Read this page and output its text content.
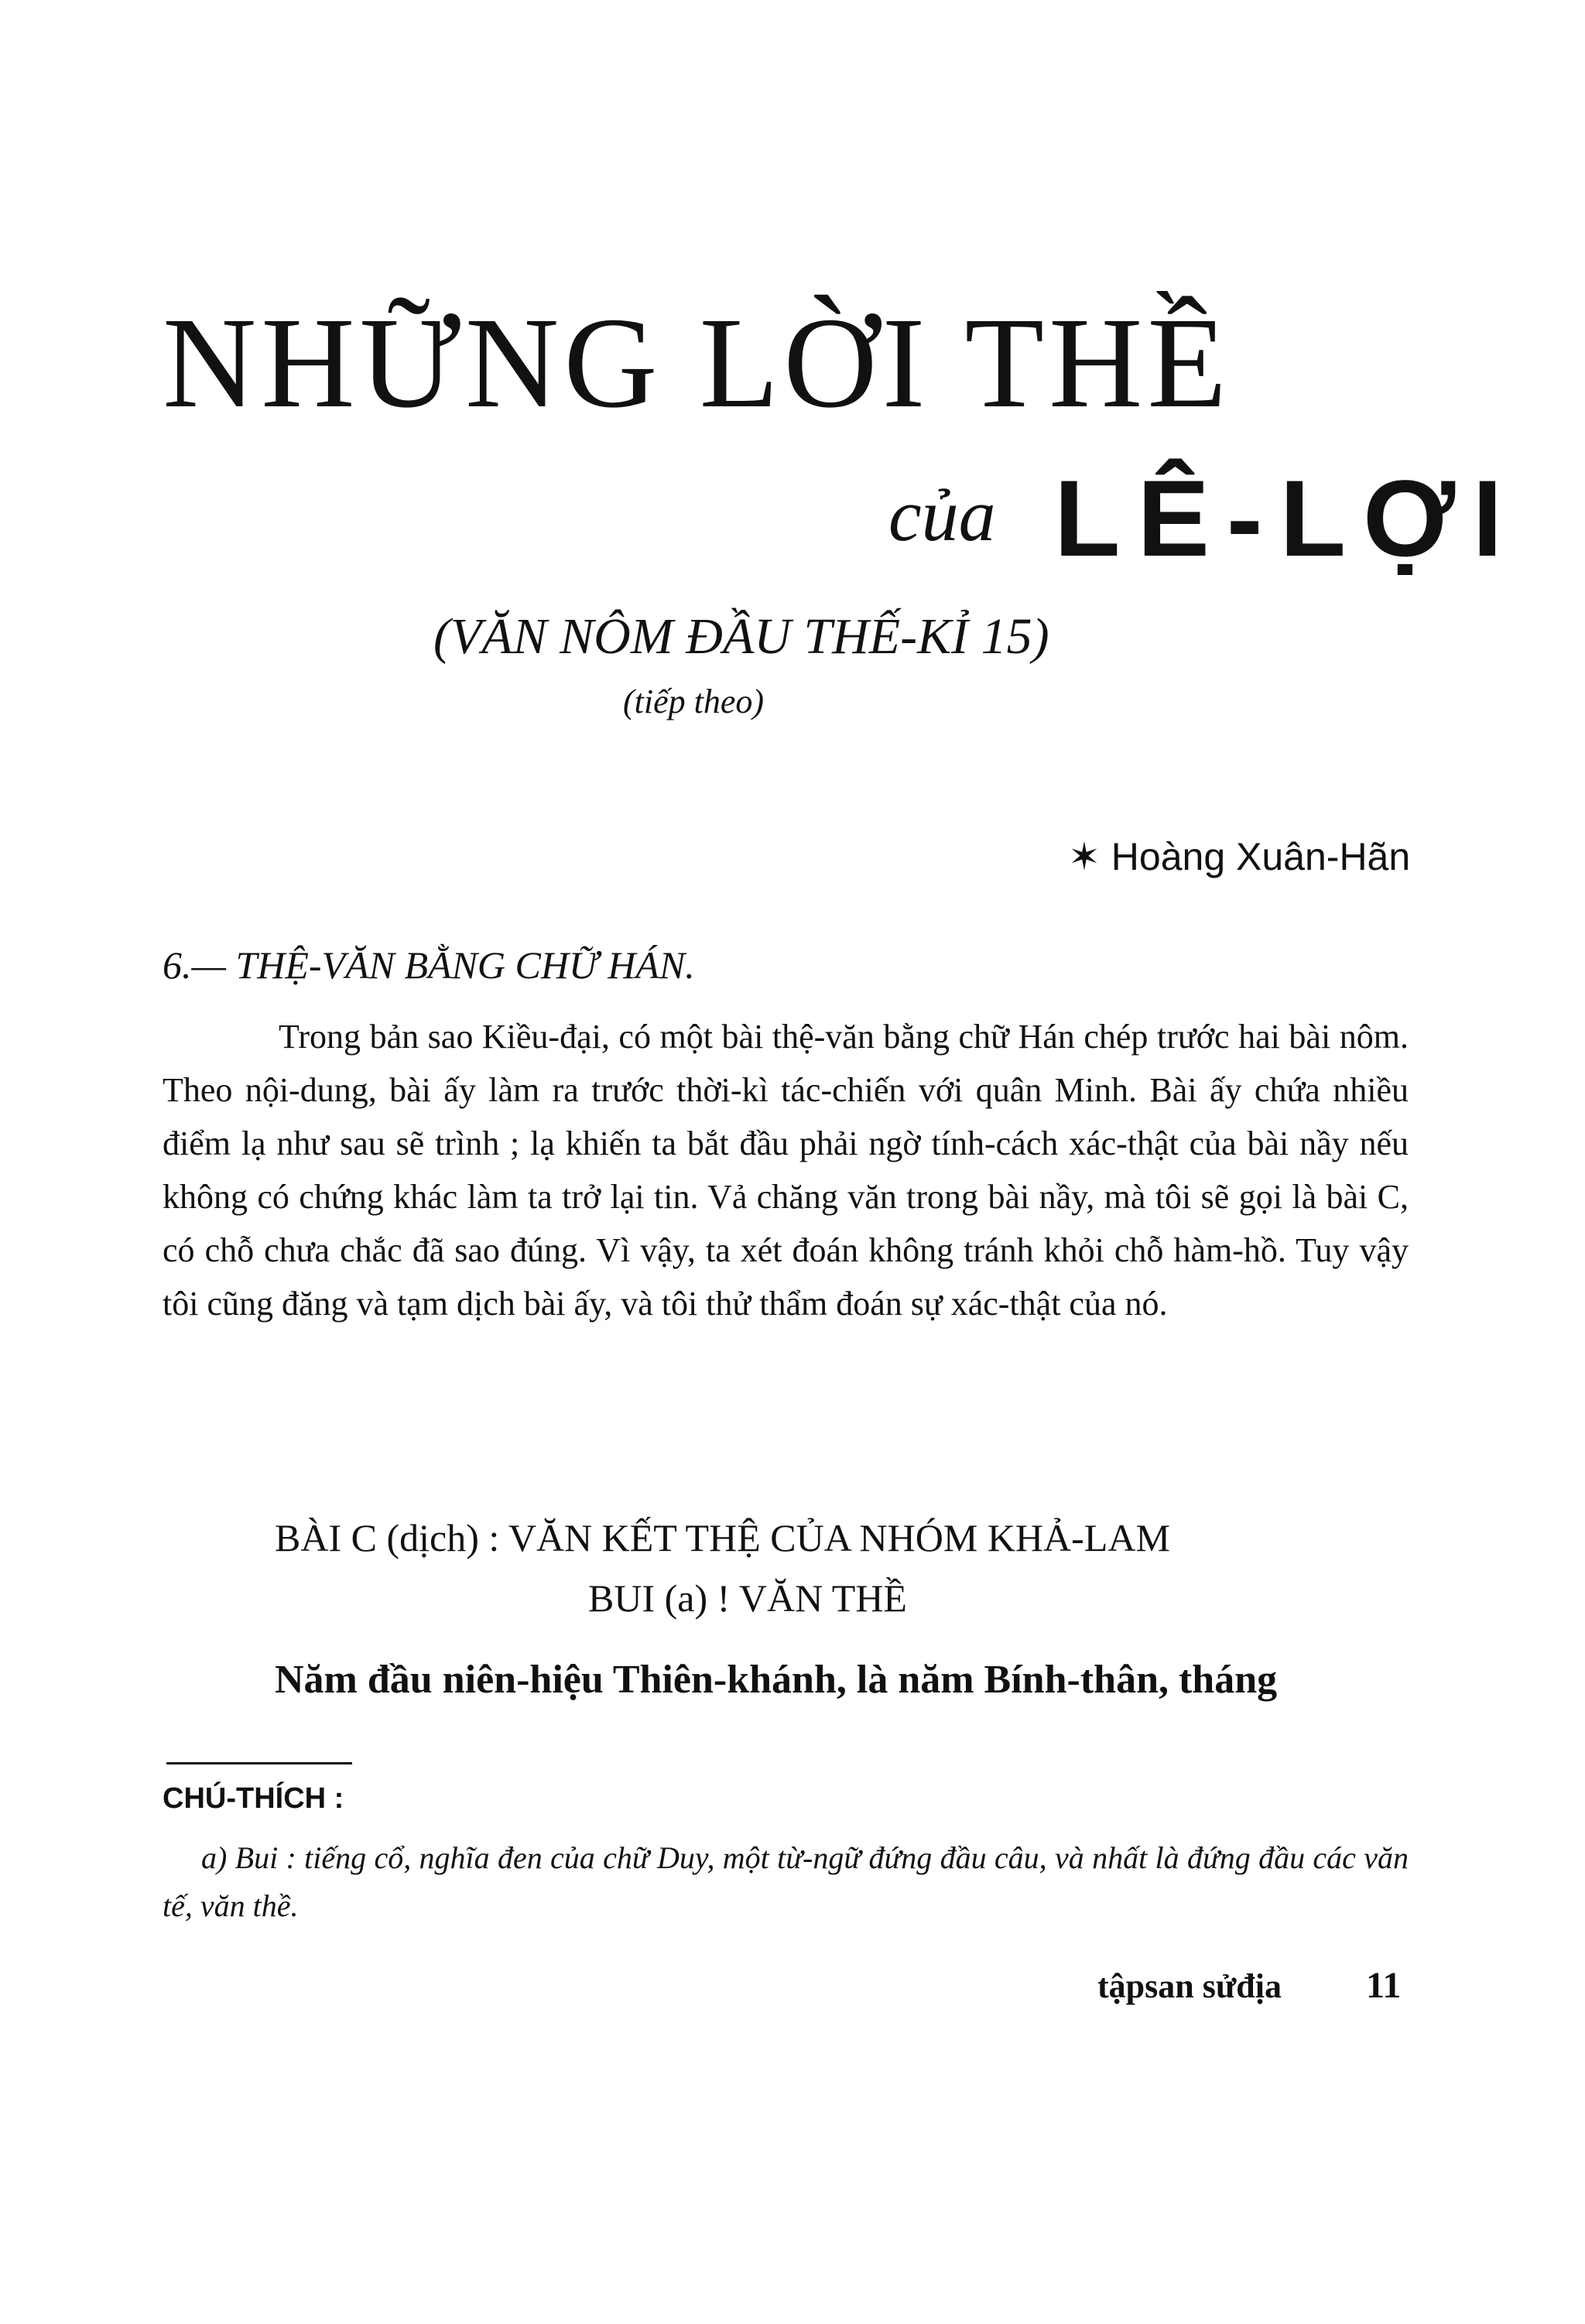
NHỮNG LỜI THỀ
của LÊ-LỢI
(VĂN NÔM ĐẦU THẾ-KỈ 15)
(tiếp theo)
✶ Hoàng Xuân-Hãn
6.— THỆ-VĂN BẰNG CHỮ HÁN.

Trong bản sao Kiều-đại, có một bài thệ-văn bằng chữ Hán chép trước hai bài nôm. Theo nội-dung, bài ấy làm ra trước thời-kì tác-chiến với quân Minh. Bài ấy chứa nhiều điểm lạ như sau sẽ trình ; lạ khiến ta bắt đầu phải ngờ tính-cách xác-thật của bài nầy nếu không có chứng khác làm ta trở lại tin. Vả chăng văn trong bài nầy, mà tôi sẽ gọi là bài C, có chỗ chưa chắc đã sao đúng. Vì vậy, ta xét đoán không tránh khỏi chỗ hàm-hồ. Tuy vậy tôi cũng đăng và tạm dịch bài ấy, và tôi thử thẩm đoán sự xác-thật của nó.

BÀI C (dịch) : VĂN KẾT THỆ CỦA NHÓM KHẢ-LAM
BUI (a) ! VĂN THỀ
Năm đầu niên-hiệu Thiên-khánh, là năm Bính-thân, tháng
CHÚ-THÍCH :

a) Bui : tiếng cổ, nghĩa đen của chữ Duy, một từ-ngữ đứng đầu câu, và nhất là đứng đầu các văn tế, văn thề.

tậpsan sửđịa 11
